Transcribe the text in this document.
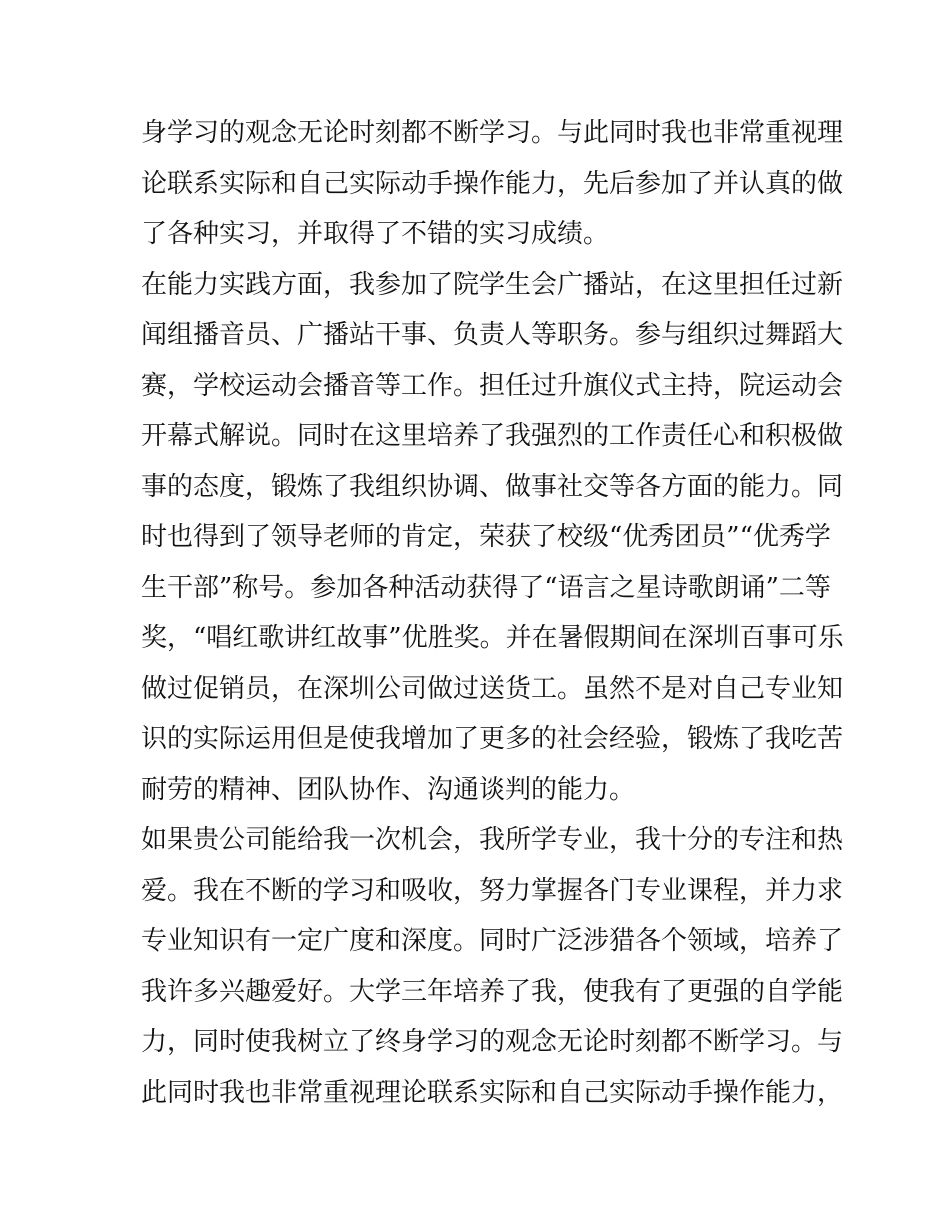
身学习的观念无论时刻都不断学习。与此同时我也非常重视理
论联系实际和自己实际动手操作能力，先后参加了并认真的做
了各种实习，并取得了不错的实习成绩。
在能力实践方面，我参加了院学生会广播站，在这里担任过新
闻组播音员、广播站干事、负责人等职务。参与组织过舞蹈大
赛，学校运动会播音等工作。担任过升旗仪式主持，院运动会
开幕式解说。同时在这里培养了我强烈的工作责任心和积极做
事的态度，锻炼了我组织协调、做事社交等各方面的能力。同
时也得到了领导老师的肯定，荣获了校级“优秀团员”“优秀学
生干部”称号。参加各种活动获得了“语言之星诗歌朗诵”二等
奖，“唱红歌讲红故事”优胜奖。并在暑假期间在深圳百事可乐
做过促销员，在深圳公司做过送货工。虽然不是对自己专业知
识的实际运用但是使我增加了更多的社会经验，锻炼了我吃苦
耐劳的精神、团队协作、沟通谈判的能力。
如果贵公司能给我一次机会，我所学专业，我十分的专注和热
爱。我在不断的学习和吸收，努力掌握各门专业课程，并力求
专业知识有一定广度和深度。同时广泛涉猎各个领域，培养了
我许多兴趣爱好。大学三年培养了我，使我有了更强的自学能
力，同时使我树立了终身学习的观念无论时刻都不断学习。与
此同时我也非常重视理论联系实际和自己实际动手操作能力，
